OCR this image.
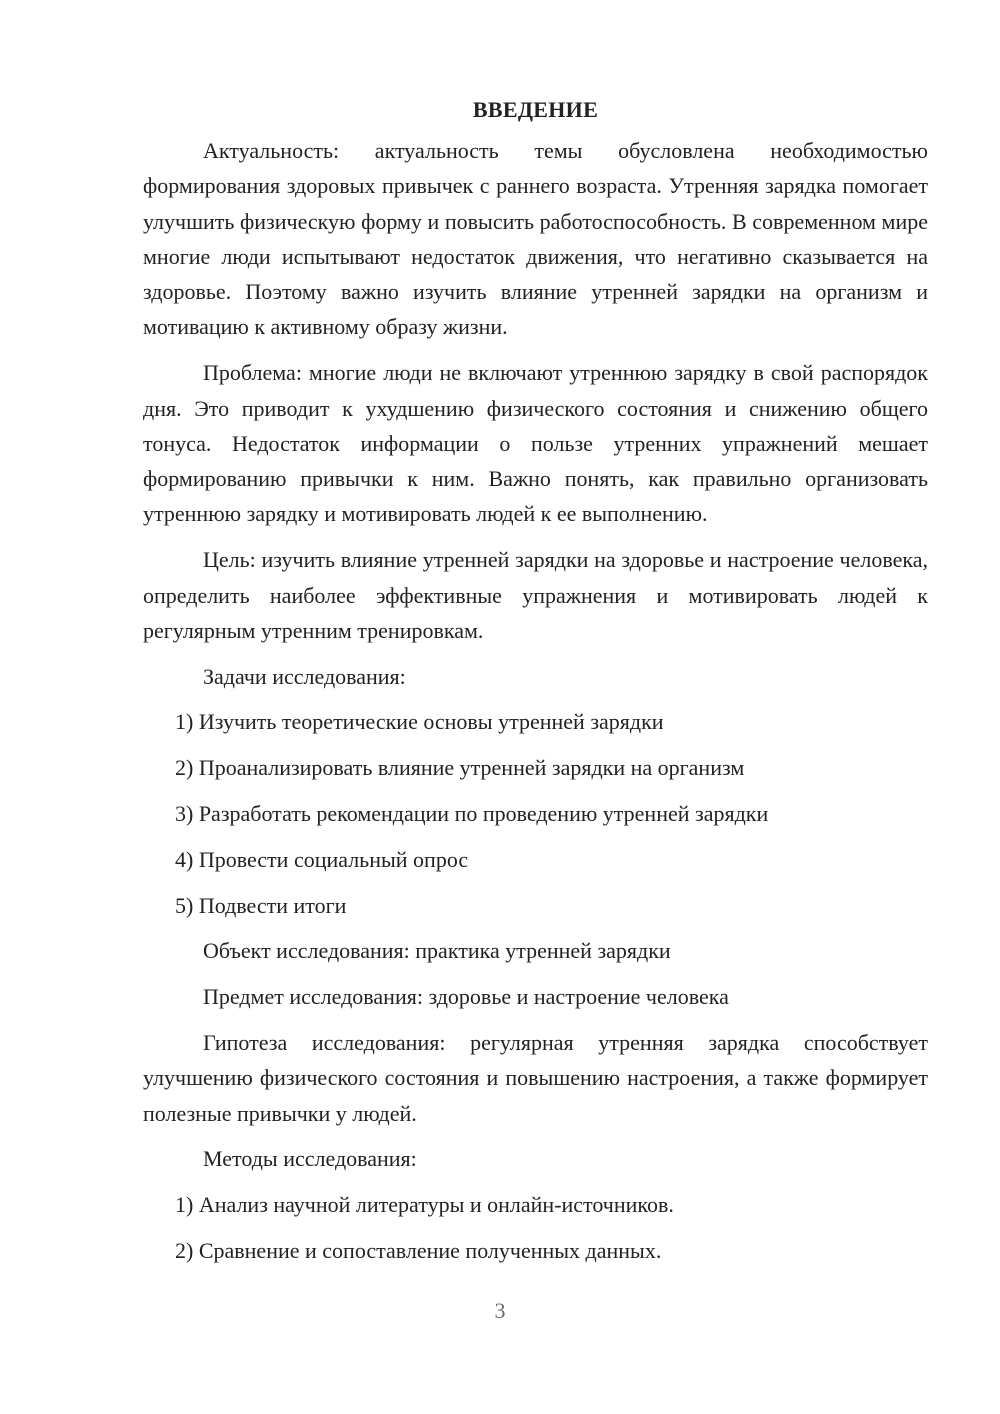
ВВЕДЕНИЕ

Актуальность: актуальность темы обусловлена необходимостью формирования здоровых привычек с раннего возраста. Утренняя зарядка помогает улучшить физическую форму и повысить работоспособность. В современном мире многие люди испытывают недостаток движения, что негативно сказывается на здоровье. Поэтому важно изучить влияние утренней зарядки на организм и мотивацию к активному образу жизни.

Проблема: многие люди не включают утреннюю зарядку в свой распорядок дня. Это приводит к ухудшению физического состояния и снижению общего тонуса. Недостаток информации о пользе утренних упражнений мешает формированию привычки к ним. Важно понять, как правильно организовать утреннюю зарядку и мотивировать людей к ее выполнению.

Цель: изучить влияние утренней зарядки на здоровье и настроение человека, определить наиболее эффективные упражнения и мотивировать людей к регулярным утренним тренировкам.

Задачи исследования:
1) Изучить теоретические основы утренней зарядки
2) Проанализировать влияние утренней зарядки на организм
3) Разработать рекомендации по проведению утренней зарядки
4) Провести социальный опрос
5) Подвести итоги
Объект исследования: практика утренней зарядки
Предмет исследования: здоровье и настроение человека

Гипотеза исследования: регулярная утренняя зарядка способствует улучшению физического состояния и повышению настроения, а также формирует полезные привычки у людей.

Методы исследования:
1) Анализ научной литературы и онлайн-источников.
2) Сравнение и сопоставление полученных данных.
3
